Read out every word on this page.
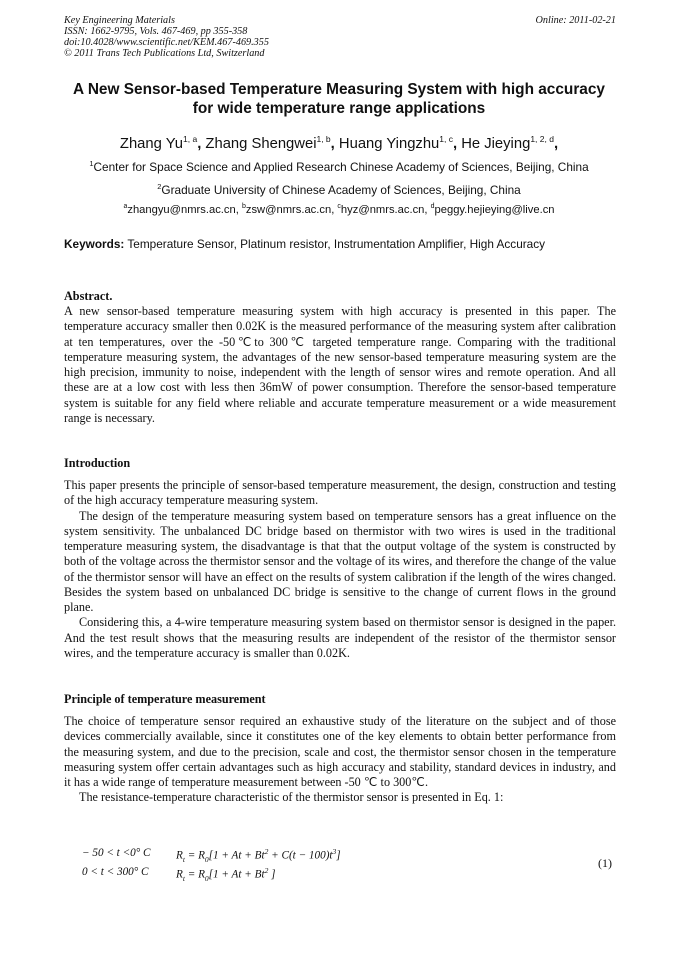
Key Engineering Materials
ISSN: 1662-9795, Vols. 467-469, pp 355-358
doi:10.4028/www.scientific.net/KEM.467-469.355
© 2011 Trans Tech Publications Ltd, Switzerland
Online: 2011-02-21
A New Sensor-based Temperature Measuring System with high accuracy
for wide temperature range applications
Zhang Yu$^{1, a}$, Zhang Shengwei$^{1, b}$, Huang Yingzhu$^{1, c}$, He Jieying$^{1, 2, d}$,
$^1$Center for Space Science and Applied Research Chinese Academy of Sciences, Beijing, China
$^2$Graduate University of Chinese Academy of Sciences, Beijing, China
$^a$zhangyu@nmrs.ac.cn, $^b$zsw@nmrs.ac.cn, $^c$hyz@nmrs.ac.cn, $^d$peggy.hejieying@live.cn
Keywords: Temperature Sensor, Platinum resistor, Instrumentation Amplifier, High Accuracy
Abstract.

A new sensor-based temperature measuring system with high accuracy is presented in this paper. The temperature accuracy smaller then 0.02K is the measured performance of the measuring system after calibration at ten temperatures, over the -50℃to 300℃ targeted temperature range. Comparing with the traditional temperature measuring system, the advantages of the new sensor-based temperature measuring system are the high precision, immunity to noise, independent with the length of sensor wires and remote operation. And all these are at a low cost with less then 36mW of power consumption. Therefore the sensor-based temperature system is suitable for any field where reliable and accurate temperature measurement or a wide measurement range is necessary.

Introduction

This paper presents the principle of sensor-based temperature measurement, the design, construction and testing of the high accuracy temperature measuring system.

The design of the temperature measuring system based on temperature sensors has a great influence on the system sensitivity. The unbalanced DC bridge based on thermistor with two wires is used in the traditional temperature measuring system, the disadvantage is that that the output voltage of the system is constructed by both of the voltage across the thermistor sensor and the voltage of its wires, and therefore the change of the value of the thermistor sensor will have an effect on the results of system calibration if the length of the wires changed. Besides the system based on unbalanced DC bridge is sensitive to the change of current flows in the ground plane.

Considering this, a 4-wire temperature measuring system based on thermistor sensor is designed in the paper. And the test result shows that the measuring results are independent of the resistor of the thermistor sensor wires, and the temperature accuracy is smaller than 0.02K.

Principle of temperature measurement

The choice of temperature sensor required an exhaustive study of the literature on the subject and of those devices commercially available, since it constitutes one of the key elements to obtain better performance from the measuring system, and due to the precision, scale and cost, the thermistor sensor chosen in the temperature measuring system offer certain advantages such as high accuracy and stability, standard devices in industry, and it has a wide range of temperature measurement between -50 ℃ to 300℃.

The resistance-temperature characteristic of the thermistor sensor is presented in Eq. 1:

− 50 < t <0° C $R_t = R_0[1 + At + Bt^2 + C(t - 100)t^3]$
0 < t < 300° C $R_t = R_0[1 + At + Bt^2$ ]
(1)
